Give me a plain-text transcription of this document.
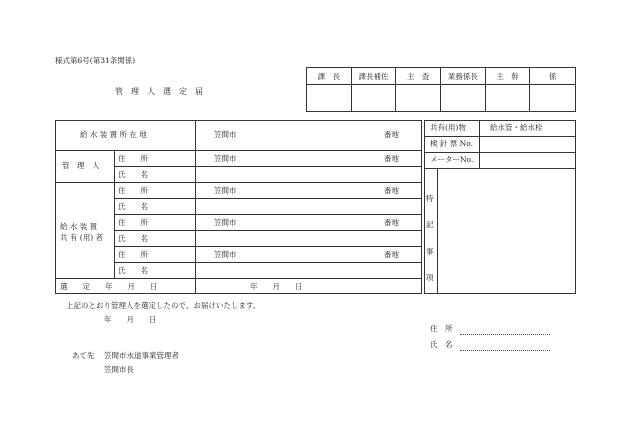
様式第6号(第31条関係)
管　理　人　選　定　届
課　長	課長補佐	主　査	業務係長	主　幹	係
給 水 装 置 所 在 地	笠間市	番地
管　理　人
住　　所	笠間市	番地
氏　　名
給 水 装 置
共 有 (用) 者
住　　所	笠間市	番地
氏　　名
住　　所	笠間市	番地
氏　　名
住　　所	笠間市	番地
氏　　名
選　　定　　年　　月　　日	年　　月　　日
共有(用)物	給水管・給水栓
検 針 票 No.
メーターNo.
特
記
事
項
上記のとおり管理人を選定したので、お届けいたします。
年　　月　　日
住　所
氏　名
あて先 笠間市水道事業管理者
笠間市長
